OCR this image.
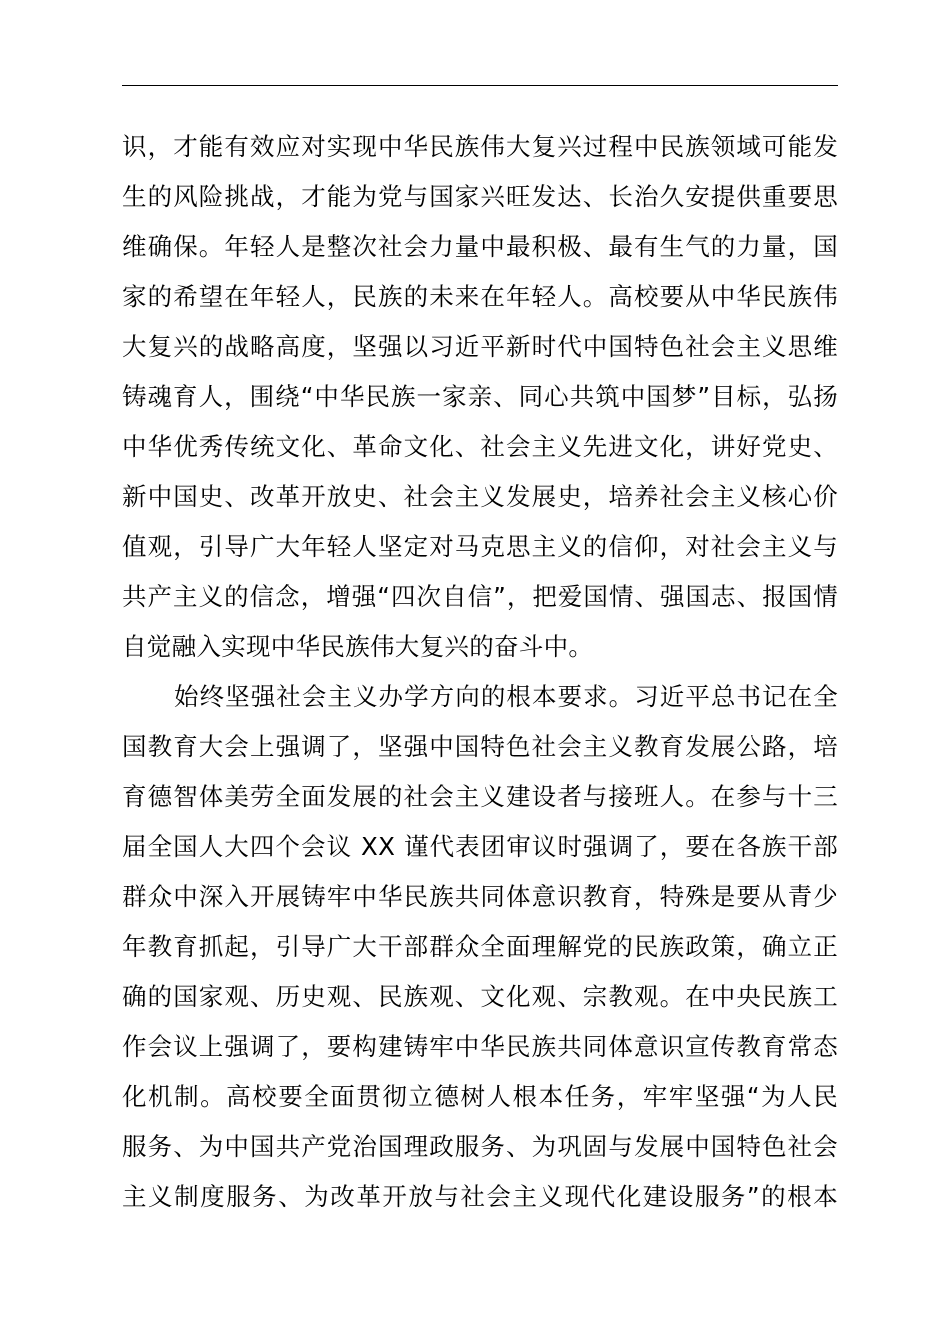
识，才能有效应对实现中华民族伟大复兴过程中民族领域可能发
生的风险挑战，才能为党与国家兴旺发达、长治久安提供重要思
维确保。年轻人是整次社会力量中最积极、最有生气的力量，国
家的希望在年轻人，民族的未来在年轻人。高校要从中华民族伟
大复兴的战略高度，坚强以习近平新时代中国特色社会主义思维
铸魂育人，围绕“中华民族一家亲、同心共筑中国梦”目标，弘扬
中华优秀传统文化、革命文化、社会主义先进文化，讲好党史、
新中国史、改革开放史、社会主义发展史，培养社会主义核心价
值观，引导广大年轻人坚定对马克思主义的信仰，对社会主义与
共产主义的信念，增强“四次自信”，把爱国情、强国志、报国情
自觉融入实现中华民族伟大复兴的奋斗中。
始终坚强社会主义办学方向的根本要求。习近平总书记在全
国教育大会上强调了，坚强中国特色社会主义教育发展公路，培
育德智体美劳全面发展的社会主义建设者与接班人。在参与十三
届全国人大四个会议 XX 谨代表团审议时强调了，要在各族干部
群众中深入开展铸牢中华民族共同体意识教育，特殊是要从青少
年教育抓起，引导广大干部群众全面理解党的民族政策，确立正
确的国家观、历史观、民族观、文化观、宗教观。在中央民族工
作会议上强调了，要构建铸牢中华民族共同体意识宣传教育常态
化机制。高校要全面贯彻立德树人根本任务，牢牢坚强“为人民
服务、为中国共产党治国理政服务、为巩固与发展中国特色社会
主义制度服务、为改革开放与社会主义现代化建设服务”的根本
